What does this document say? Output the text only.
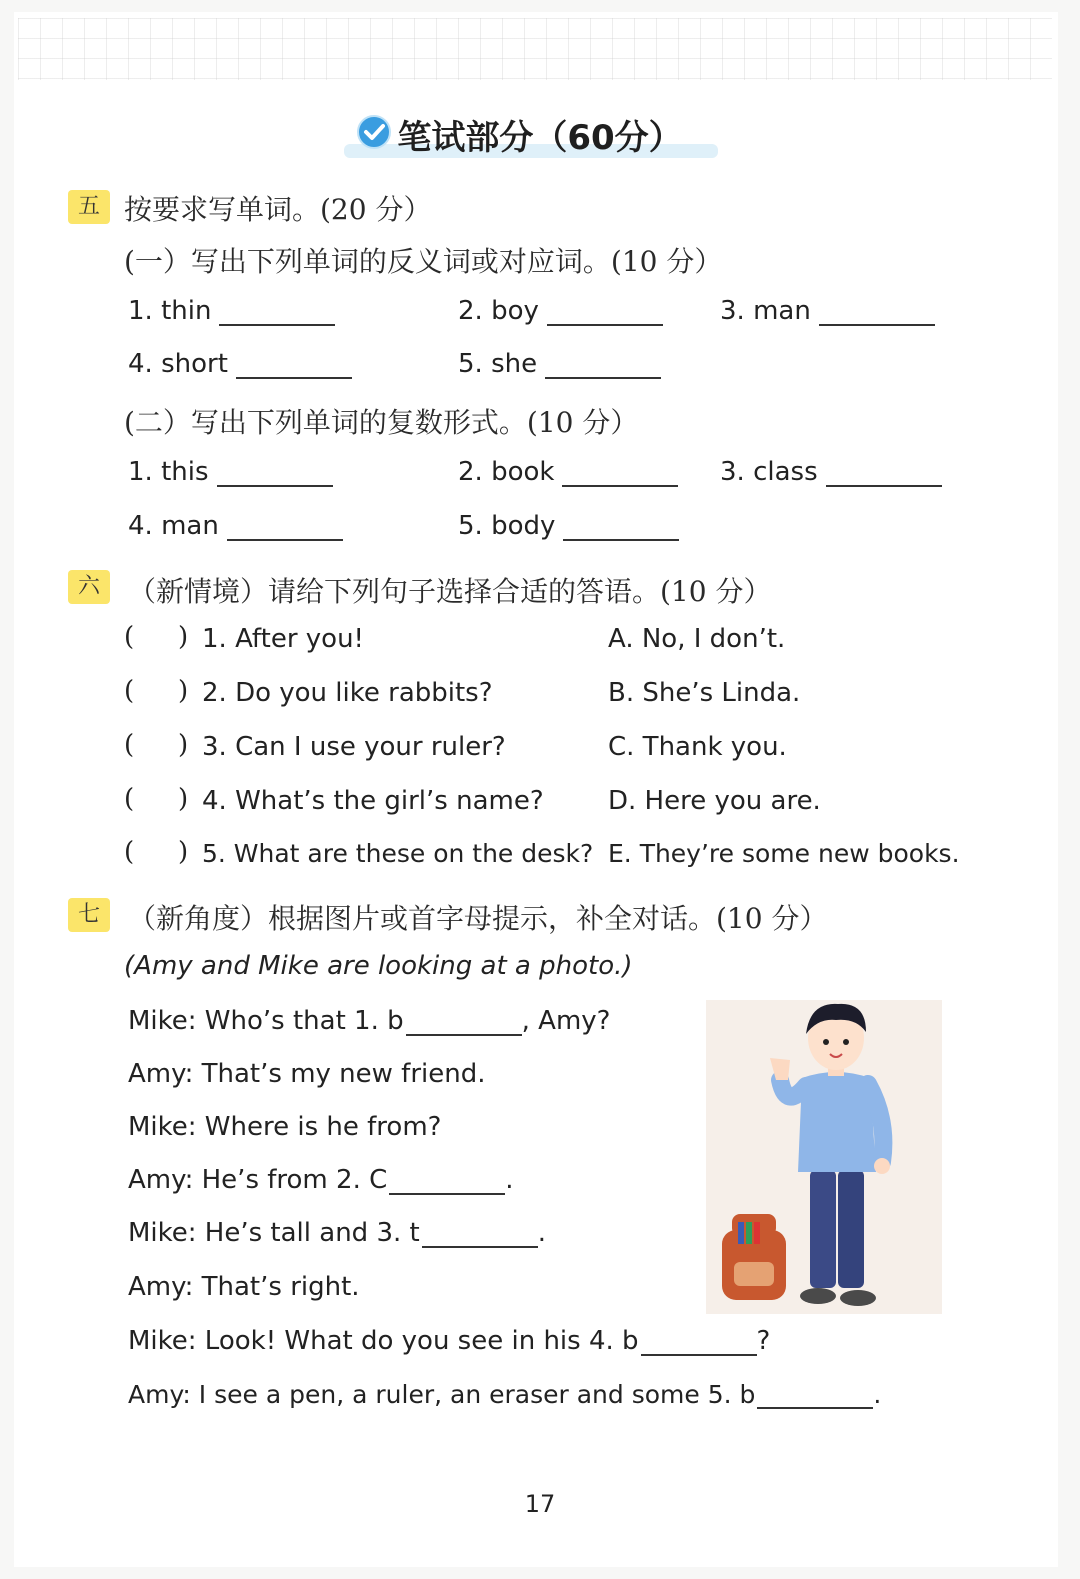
笔试部分（60分）
五 按要求写单词。(20 分）
(一）写出下列单词的反义词或对应词。(10 分）
1. thin	2. boy	3. man
4. short	5. she
(二）写出下列单词的复数形式。(10 分）
1. this	2. book	3. class
4. man	5. body
六	（新情境）请给下列句子选择合适的答语。(10 分）
( ) 1. After you!	A. No, I don’t.
( ) 2. Do you like rabbits?	B. She’s Linda.
( ) 3. Can I use your ruler?	C. Thank you.
( ) 4. What’s the girl’s name? D. Here you are.
( ) 5. What are these on the desk? E. They’re some new books.
七	（新角度）根据图片或首字母提示，补全对话。(10 分）
(Amy and Mike are looking at a photo.)
Mike: Who’s that 1. b	, Amy?
Amy: That’s my new friend.
Mike: Where is he from?
Amy: He’s from 2. C	.
Mike: He’s tall and 3. t	.
Amy: That’s right.
Mike: Look! What do you see in his 4. b	?
Amy: I see a pen, a ruler, an eraser and some 5. b	.
17
